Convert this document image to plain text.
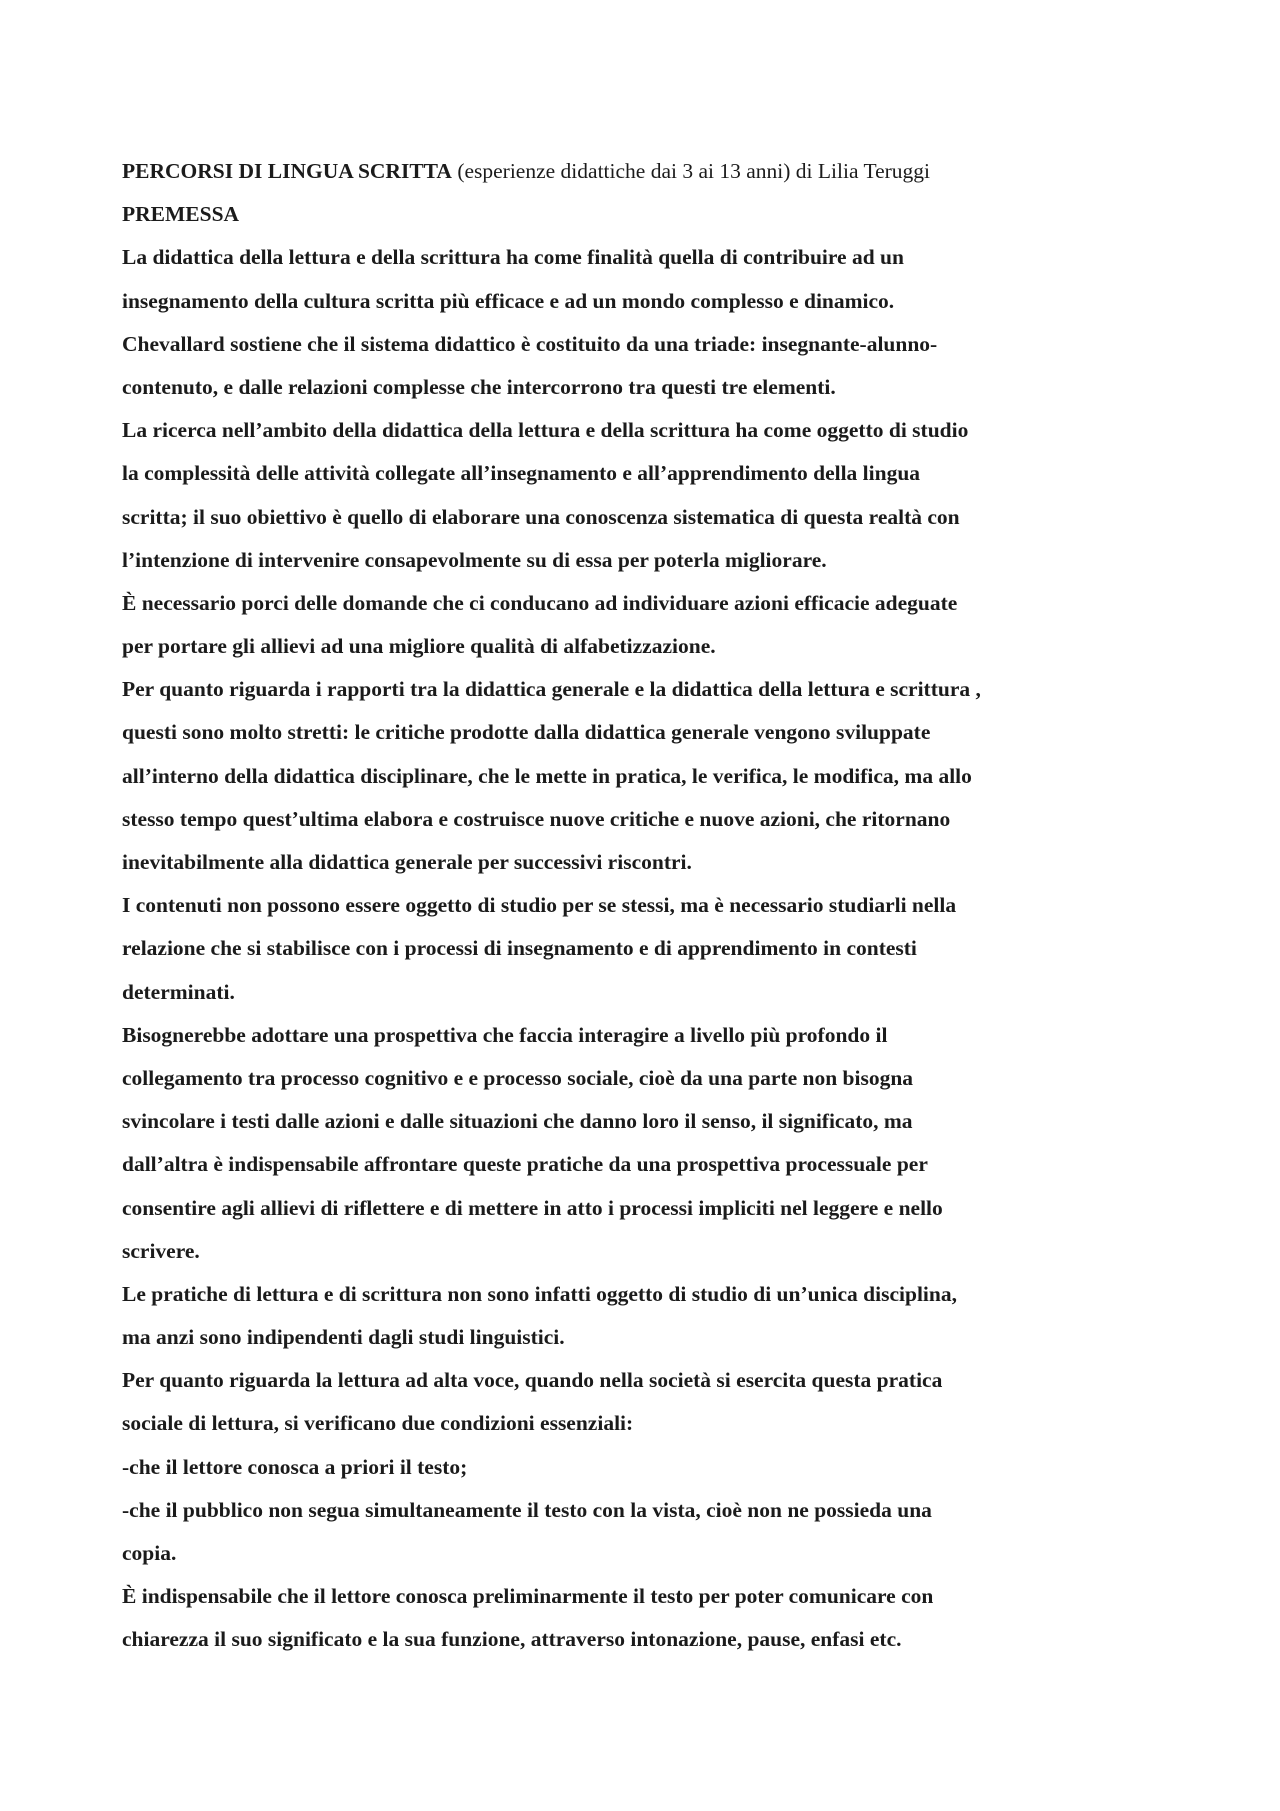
PERCORSI DI LINGUA SCRITTA (esperienze didattiche dai 3 ai 13 anni) di Lilia Teruggi
PREMESSA
La didattica della lettura e della scrittura ha come finalità quella di contribuire ad un
insegnamento della cultura scritta più efficace e ad un mondo complesso e dinamico.
Chevallard sostiene che il sistema didattico è costituito da una triade: insegnante-alunno-
contenuto, e dalle relazioni complesse che intercorrono tra questi tre elementi.
La ricerca nell’ambito della didattica della lettura e della scrittura ha come oggetto di studio
la complessità delle attività collegate all’insegnamento e all’apprendimento della lingua
scritta; il suo obiettivo è quello di elaborare una conoscenza sistematica di questa realtà con
l’intenzione di intervenire consapevolmente su di essa per poterla migliorare.
È necessario porci delle domande che ci conducano ad individuare azioni efficacie adeguate
per portare gli allievi ad una migliore qualità di alfabetizzazione.
Per quanto riguarda i rapporti tra la didattica generale e la didattica della lettura e scrittura ,
questi sono molto stretti: le critiche prodotte dalla didattica generale vengono sviluppate
all’interno della didattica disciplinare, che le mette in pratica, le verifica, le modifica, ma allo
stesso tempo quest’ultima elabora e costruisce nuove critiche e nuove azioni, che ritornano
inevitabilmente alla didattica generale per successivi riscontri.
I contenuti non possono essere oggetto di studio per se stessi, ma è necessario studiarli nella
relazione che si stabilisce con i processi di insegnamento e di apprendimento in contesti
determinati.
Bisognerebbe adottare una prospettiva che faccia interagire a livello più profondo il
collegamento tra processo cognitivo e e processo sociale, cioè da una parte non bisogna
svincolare i testi dalle azioni e dalle situazioni che danno loro il senso, il significato, ma
dall’altra è indispensabile affrontare queste pratiche da una prospettiva processuale per
consentire agli allievi di riflettere e di mettere in atto i processi impliciti nel leggere e nello
scrivere.
Le pratiche di lettura e di scrittura non sono infatti oggetto di studio di un’unica disciplina,
ma anzi sono indipendenti dagli studi linguistici.
Per quanto riguarda la lettura ad alta voce, quando nella società si esercita questa pratica
sociale di lettura, si verificano due condizioni essenziali:
-che il lettore conosca a priori il testo;
-che il pubblico non segua simultaneamente il testo con la vista, cioè non ne possieda una
copia.
È indispensabile che il lettore conosca preliminarmente il testo per poter comunicare con
chiarezza il suo significato e la sua funzione, attraverso intonazione, pause, enfasi etc.
